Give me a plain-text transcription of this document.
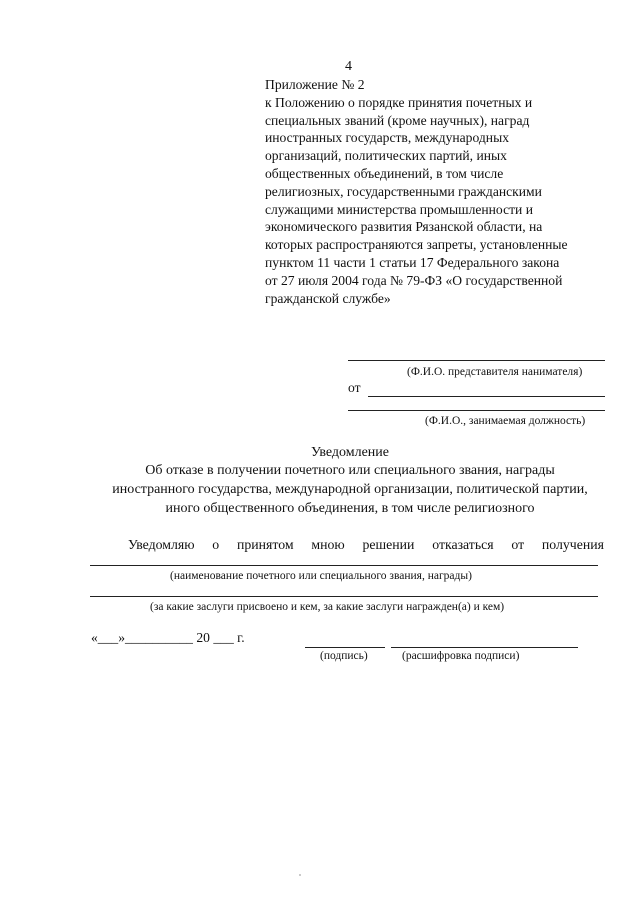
4
Приложение № 2
к Положению о порядке принятия почетных и
специальных званий (кроме научных), наград
иностранных государств, международных
организаций, политических партий, иных
общественных объединений, в том числе
религиозных, государственными гражданскими
служащими министерства промышленности и
экономического развития Рязанской области, на
которых распространяются запреты, установленные
пунктом 11 части 1 статьи 17 Федерального закона
от 27 июля 2004 года № 79-ФЗ «О государственной
гражданской службе»
(Ф.И.О. представителя нанимателя)
от
(Ф.И.О., занимаемая должность)
Уведомление
Об отказе в получении почетного или специального звания, награды
иностранного государства, международной организации, политической партии,
иного общественного объединения, в том числе религиозного
Уведомляю о принятом мною решении отказаться от получения
(наименование почетного или специального звания, награды)
(за какие заслуги присвоено и кем, за какие заслуги награжден(а) и кем)
«___»__________ 20 ___ г.
(подпись)	(расшифровка подписи)
